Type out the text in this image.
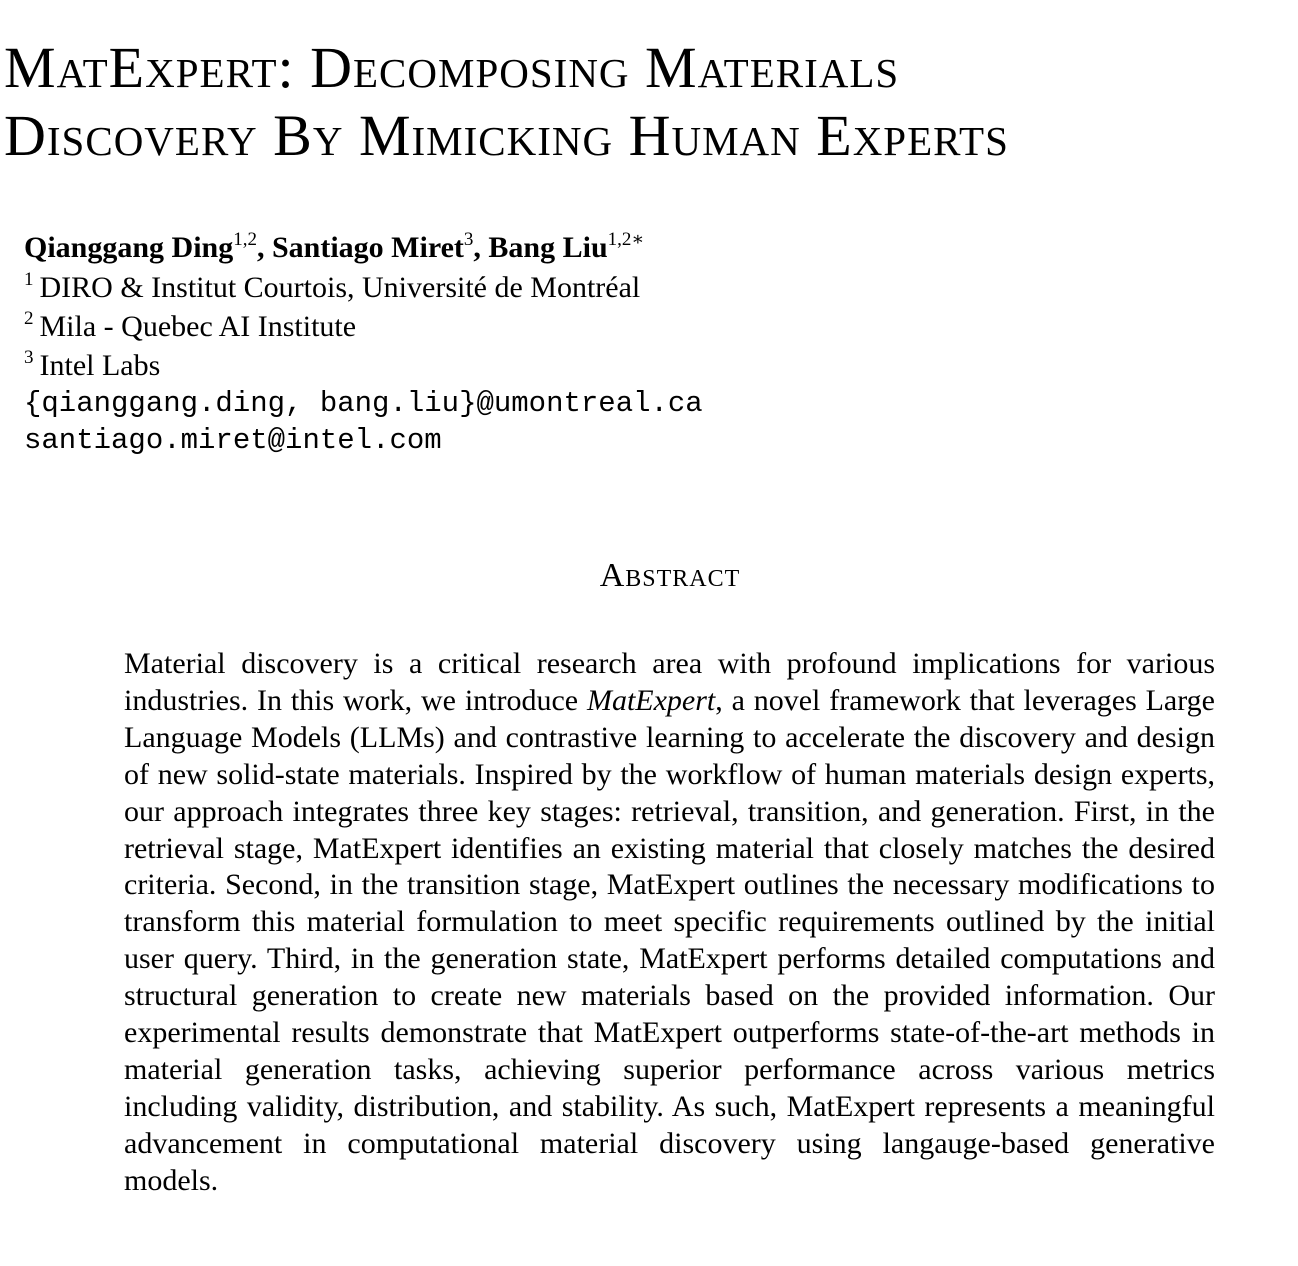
MatExpert: Decomposing Materials
Discovery By Mimicking Human Experts
Qianggang Ding$^{1,2}$, Santiago Miret$^3$, Bang Liu$^{1,2∗}$
$^1$ DIRO & Institut Courtois, Université de Montréal
$^2$ Mila - Quebec AI Institute
$^3$ Intel Labs
{qianggang.ding, bang.liu}@umontreal.ca
santiago.miret@intel.com
Abstract

Material discovery is a critical research area with profound implications for various industries. In this work, we introduce MatExpert, a novel framework that leverages Large Language Models (LLMs) and contrastive learning to accelerate the discovery and design of new solid-state materials. Inspired by the workflow of human materials design experts, our approach integrates three key stages: retrieval, transition, and generation. First, in the retrieval stage, MatExpert identifies an existing material that closely matches the desired criteria. Second, in the transition stage, MatExpert outlines the necessary modifications to transform this material formulation to meet specific requirements outlined by the initial user query. Third, in the generation state, MatExpert performs detailed computations and structural generation to create new materials based on the provided information. Our experimental results demonstrate that MatExpert outperforms state-of-the-art methods in material generation tasks, achieving superior performance across various metrics including validity, distribution, and stability. As such, MatExpert represents a meaningful advancement in computational material discovery using langauge-based generative models.
